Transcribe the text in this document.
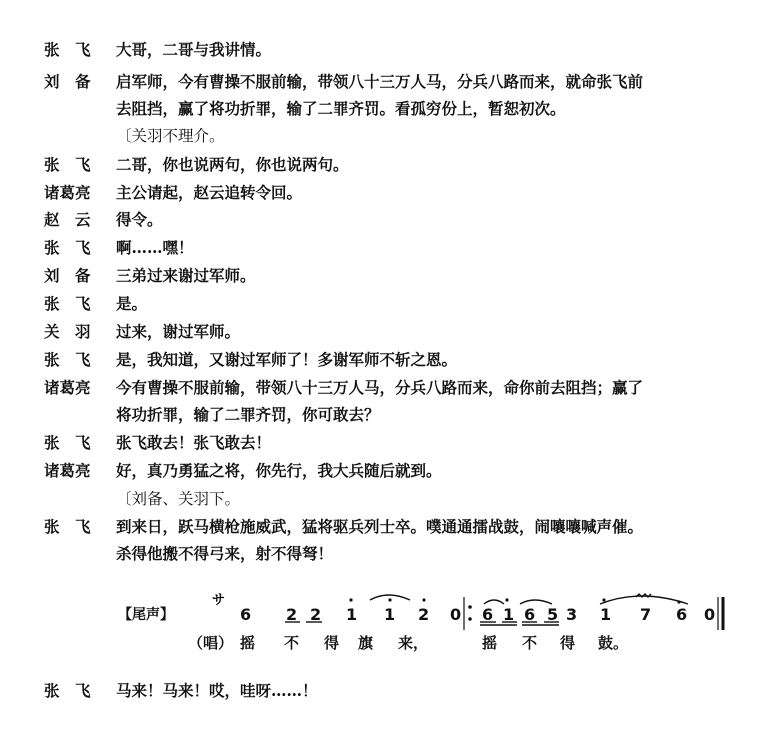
张　飞	大哥，二哥与我讲情。
刘　备	启军师，今有曹操不服前输，带领八十三万人马，分兵八路而来，就命张飞前
去阻挡，赢了将功折罪，输了二罪齐罚。看孤穷份上，暂恕初次。
〔关羽不理介。
张　飞	二哥，你也说两句，你也说两句。
诸葛亮	主公请起，赵云追转令回。
赵　云	得令。
张　飞	啊……嘿！
刘　备	三弟过来谢过军师。
张　飞	是。
关　羽	过来，谢过军师。
张　飞	是，我知道，又谢过军师了！多谢军师不斩之恩。
诸葛亮	今有曹操不服前输，带领八十三万人马，分兵八路而来，命你前去阻挡；赢了
将功折罪，输了二罪齐罚，你可敢去？
张　飞	张飞敢去！张飞敢去！
诸葛亮	好，真乃勇猛之将，你先行，我大兵随后就到。
〔刘备、关羽下。
张　飞	到来日，跃马横枪施威武，猛将驱兵列士卒。噗通通擂战鼓，闹嚷嚷喊声催。
杀得他搬不得弓来，射不得弩！
【尾声】	6 2 2 1 1 2 0 6 1 6 5 3 1 7 6 0
サ
（唱） 摇 不 得 旗 来，	摇 不 得 鼓。
张　飞	马来！马来！哎，哇呀……！
